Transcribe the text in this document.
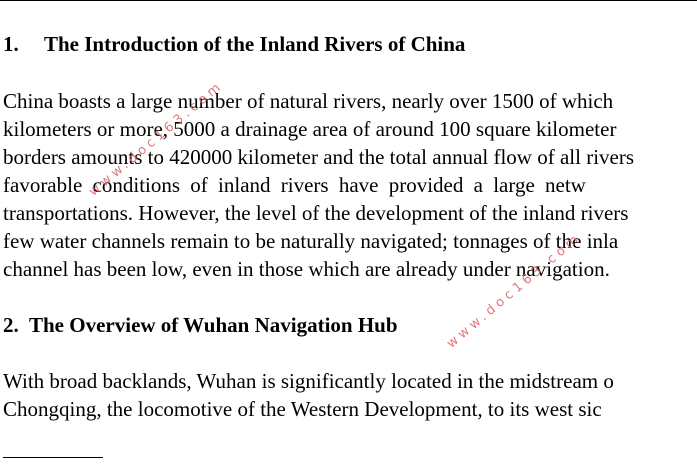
1. The Introduction of the Inland Rivers of China

China boasts a large number of natural rivers, nearly over 1500 of which

kilometers or more, 5000 a drainage area of around 100 square kilometer

borders amounts to 420000 kilometer and the total annual flow of all rivers

favorable conditions of inland rivers have provided a large netw

transportations. However, the level of the development of the inland rivers

few water channels remain to be naturally navigated; tonnages of the inla

channel has been low, even in those which are already under navigation.

2. The Overview of Wuhan Navigation Hub

With broad backlands, Wuhan is significantly located in the midstream o

Chongqing, the locomotive of the Western Development, to its west sic

www.doc163.com
www.doc163.com
